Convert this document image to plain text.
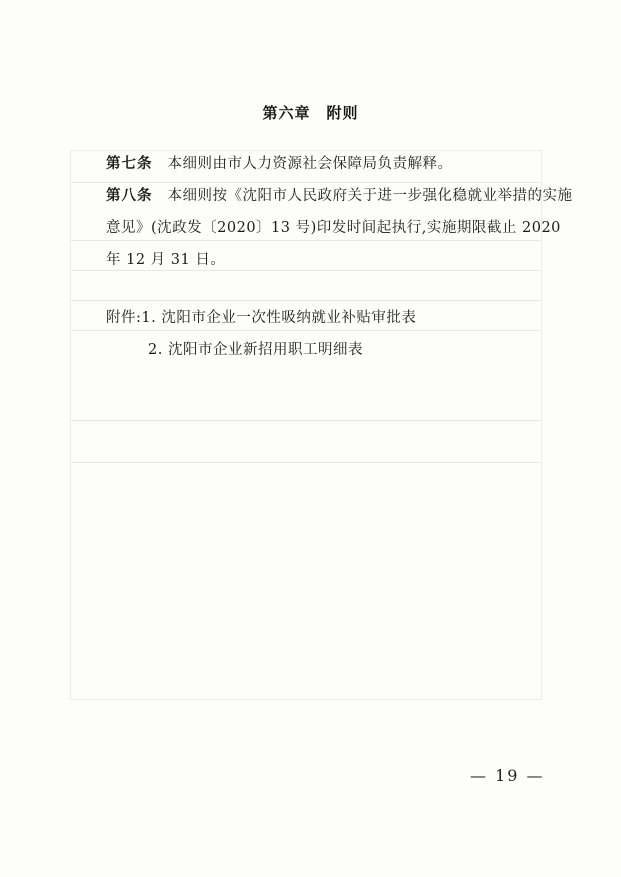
第六章　附则
第七条　 本细则由市人力资源社会保障局负责解释。
第八条　 本细则按《沈阳市人民政府关于进一步强化稳就业举措的实施意见》(沈政发〔2020〕13 号)印发时间起执行,实施期限截止 2020 年 12 月 31 日。
附件:1. 沈阳市企业一次性吸纳就业补贴审批表
2. 沈阳市企业新招用职工明细表
— 19 —
